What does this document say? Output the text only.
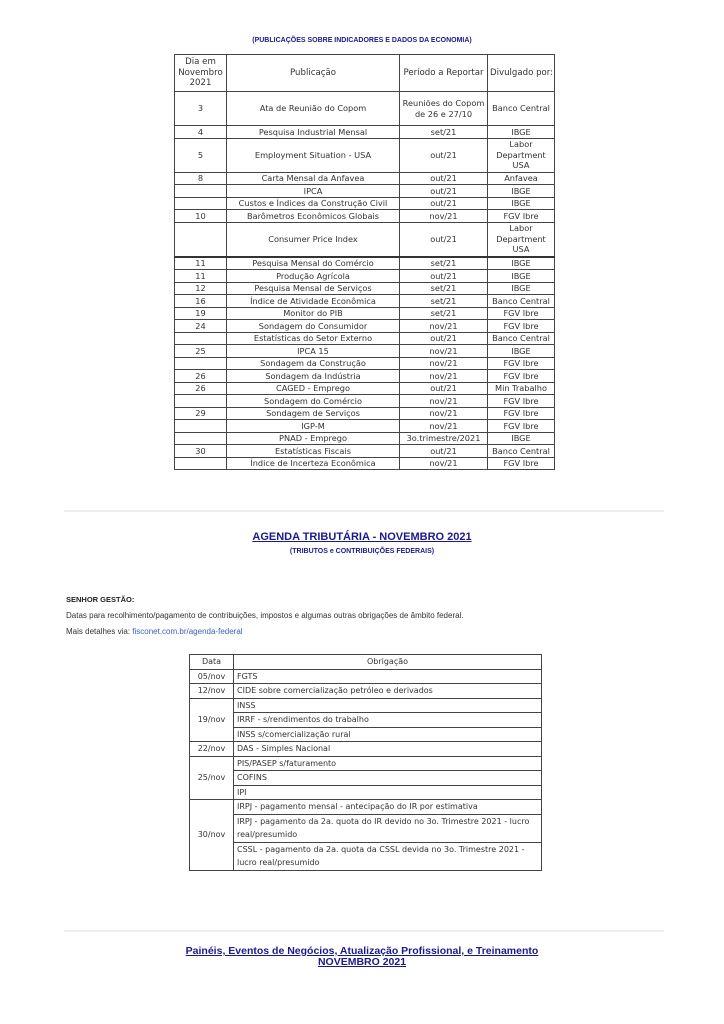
(PUBLICAÇÕES SOBRE INDICADORES E DADOS DA ECONOMIA)
Dia em Novembro 2021	Publicação	Período a Reportar	Divulgado por:
3	Ata de Reunião do Copom	Reuniões do Copom de 26 e 27/10	Banco Central
4	Pesquisa Industrial Mensal	set/21	IBGE
5	Employment Situation - USA	out/21	Labor Department USA
8	Carta Mensal da Anfavea	out/21	Anfavea
	IPCA	out/21	IBGE
	Custos e Índices da Construção Civil	out/21	IBGE
10	Barômetros Econômicos Globais	nov/21	FGV Ibre
	Consumer Price Index	out/21	Labor Department USA
11	Pesquisa Mensal do Comércio	set/21	IBGE
11	Produção Agrícola	out/21	IBGE
12	Pesquisa Mensal de Serviços	set/21	IBGE
16	Índice de Atividade Econômica	set/21	Banco Central
19	Monitor do PIB	set/21	FGV Ibre
24	Sondagem do Consumidor	nov/21	FGV Ibre
	Estatísticas do Setor Externo	out/21	Banco Central
25	IPCA 15	nov/21	IBGE
	Sondagem da Construção	nov/21	FGV Ibre
26	Sondagem da Indústria	nov/21	FGV Ibre
26	CAGED - Emprego	out/21	Min Trabalho
	Sondagem do Comércio	nov/21	FGV Ibre
29	Sondagem de Serviços	nov/21	FGV Ibre
	IGP-M	nov/21	FGV Ibre
	PNAD - Emprego	3o.trimestre/2021	IBGE
30	Estatísticas Fiscais	out/21	Banco Central
	Índice de Incerteza Econômica	nov/21	FGV Ibre
AGENDA TRIBUTÁRIA - NOVEMBRO 2021
(TRIBUTOS e CONTRIBUIÇÕES FEDERAIS)
SENHOR GESTÃO:
Datas para recolhimento/pagamento de contribuições, impostos e algumas outras obrigações de âmbito federal.
Mais detalhes via: fisconet.com.br/agenda-federal
Data	Obrigação
05/nov	FGTS
12/nov	CIDE sobre comercialização petróleo e derivados
19/nov	INSS
	IRRF - s/rendimentos do trabalho
	INSS s/comercialização rural
22/nov	DAS - Simples Nacional
25/nov	PIS/PASEP s/faturamento
	COFINS
	IPI
30/nov	IRPJ - pagamento mensal - antecipação do IR por estimativa
	IRPJ - pagamento da 2a. quota do IR devido no 3o. Trimestre 2021 - lucro real/presumido
	CSSL - pagamento da 2a. quota da CSSL devida no 3o. Trimestre 2021 - lucro real/presumido
Painéis, Eventos de Negócios, Atualização Profissional, e Treinamento
NOVEMBRO 2021
